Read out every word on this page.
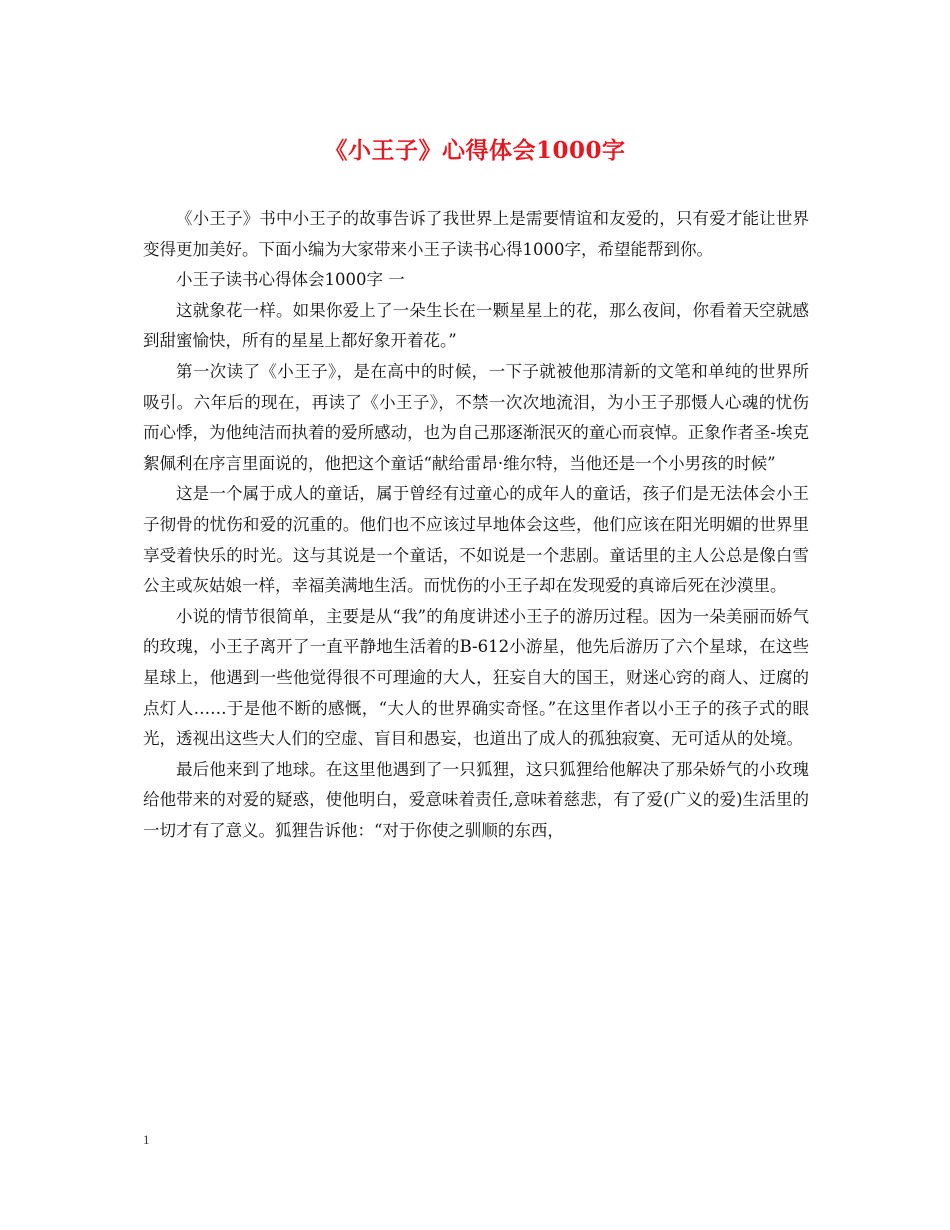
《小王子》心得体会1000字

《小王子》书中小王子的故事告诉了我世界上是需要情谊和友爱的，只有爱才能让世界变得更加美好。下面小编为大家带来小王子读书心得1000字，希望能帮到你。

小王子读书心得体会1000字 一

这就象花一样。如果你爱上了一朵生长在一颗星星上的花，那么夜间，你看着天空就感到甜蜜愉快，所有的星星上都好象开着花。”

第一次读了《小王子》，是在高中的时候，一下子就被他那清新的文笔和单纯的世界所吸引。六年后的现在，再读了《小王子》，不禁一次次地流泪，为小王子那慑人心魂的忧伤而心悸，为他纯洁而执着的爱所感动，也为自己那逐渐泯灭的童心而哀悼。正象作者圣-埃克絮佩利在序言里面说的，他把这个童话“献给雷昂·维尔特，当他还是一个小男孩的时候”

这是一个属于成人的童话，属于曾经有过童心的成年人的童话，孩子们是无法体会小王子彻骨的忧伤和爱的沉重的。他们也不应该过早地体会这些，他们应该在阳光明媚的世界里享受着快乐的时光。这与其说是一个童话，不如说是一个悲剧。童话里的主人公总是像白雪公主或灰姑娘一样，幸福美满地生活。而忧伤的小王子却在发现爱的真谛后死在沙漠里。

小说的情节很简单，主要是从“我”的角度讲述小王子的游历过程。因为一朵美丽而娇气的玫瑰，小王子离开了一直平静地生活着的B-612小游星，他先后游历了六个星球，在这些星球上，他遇到一些他觉得很不可理逾的大人，狂妄自大的国王，财迷心窍的商人、迂腐的点灯人……于是他不断的感慨，“大人的世界确实奇怪。”在这里作者以小王子的孩子式的眼光，透视出这些大人们的空虚、盲目和愚妄，也道出了成人的孤独寂寞、无可适从的处境。

最后他来到了地球。在这里他遇到了一只狐狸，这只狐狸给他解决了那朵娇气的小玫瑰给他带来的对爱的疑惑，使他明白，爱意味着责任,意味着慈悲，有了爱(广义的爱)生活里的一切才有了意义。狐狸告诉他：“对于你使之驯顺的东西，

1
